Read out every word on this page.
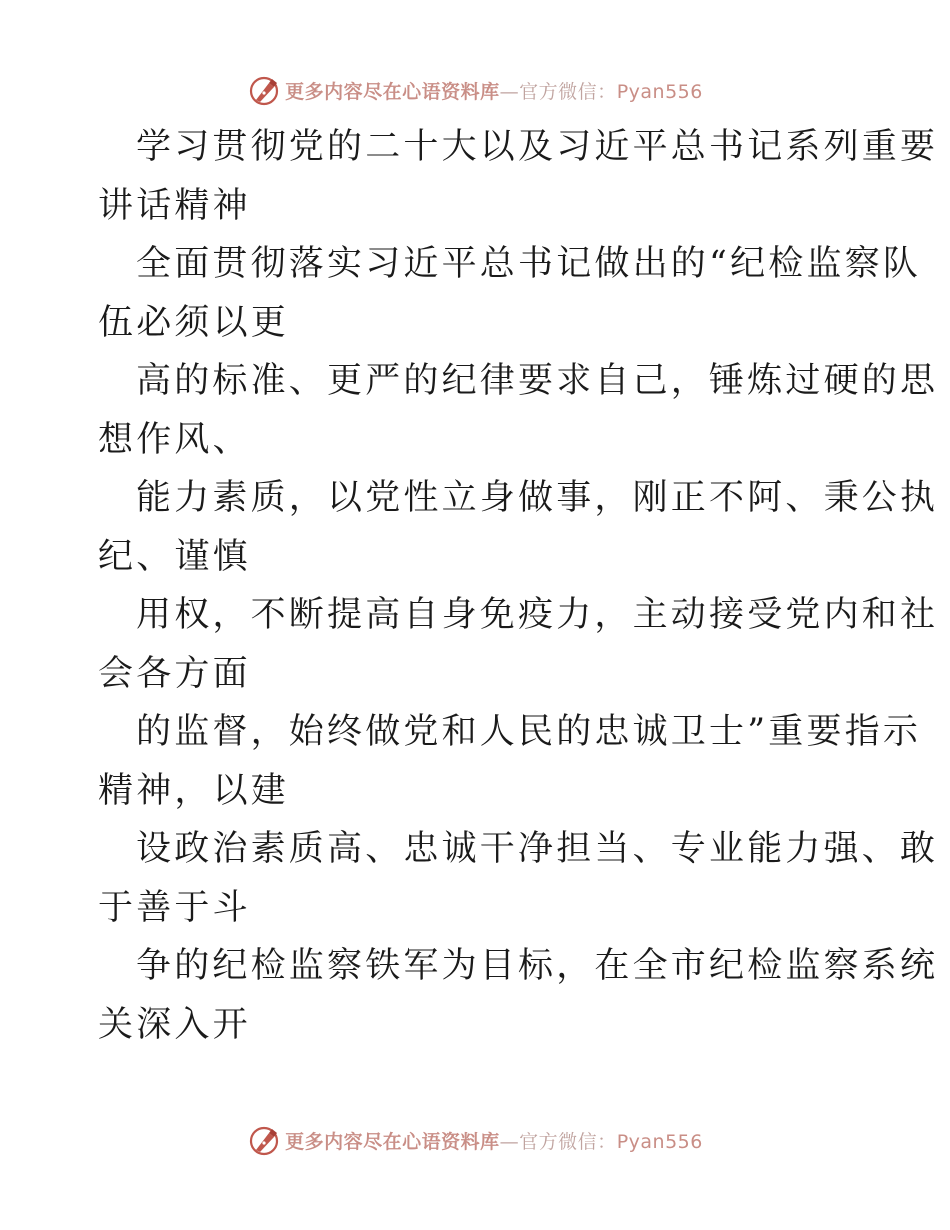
更多内容尽在心语资料库—官方微信：Pyan556
学习贯彻党的二十大以及习近平总书记系列重要
讲话精神
全面贯彻落实习近平总书记做出的“纪检监察队
伍必须以更
高的标准、更严的纪律要求自己，锤炼过硬的思
想作风、
能力素质，以党性立身做事，刚正不阿、秉公执
纪、谨慎
用权，不断提高自身免疫力，主动接受党内和社
会各方面
的监督，始终做党和人民的忠诚卫士”重要指示
精神，以建
设政治素质高、忠诚干净担当、专业能力强、敢
于善于斗
争的纪检监察铁军为目标，在全市纪检监察系统
关深入开
更多内容尽在心语资料库—官方微信：Pyan556
